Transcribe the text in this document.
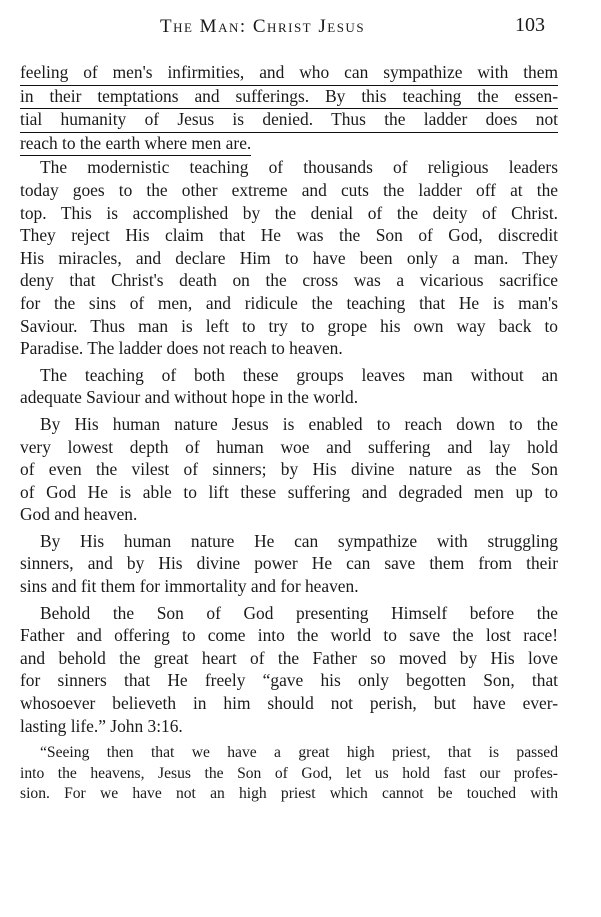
The Man: Christ Jesus	103
feeling of men's infirmities, and who can sympathize with them
in their temptations and sufferings. By this teaching the essen-
tial humanity of Jesus is denied. Thus the ladder does not
reach to the earth where men are.
The modernistic teaching of thousands of religious leaders
today goes to the other extreme and cuts the ladder off at the
top. This is accomplished by the denial of the deity of Christ.
They reject His claim that He was the Son of God, discredit
His miracles, and declare Him to have been only a man. They
deny that Christ's death on the cross was a vicarious sacrifice
for the sins of men, and ridicule the teaching that He is man's
Saviour. Thus man is left to try to grope his own way back to
Paradise. The ladder does not reach to heaven.
The teaching of both these groups leaves man without an
adequate Saviour and without hope in the world.
By His human nature Jesus is enabled to reach down to the
very lowest depth of human woe and suffering and lay hold
of even the vilest of sinners; by His divine nature as the Son
of God He is able to lift these suffering and degraded men up to
God and heaven.
By His human nature He can sympathize with struggling
sinners, and by His divine power He can save them from their
sins and fit them for immortality and for heaven.
Behold the Son of God presenting Himself before the
Father and offering to come into the world to save the lost race!
and behold the great heart of the Father so moved by His love
for sinners that He freely “gave his only begotten Son, that
whosoever believeth in him should not perish, but have ever-
lasting life.” John 3:16.
“Seeing then that we have a great high priest, that is passed
into the heavens, Jesus the Son of God, let us hold fast our profes-
sion. For we have not an high priest which cannot be touched with
